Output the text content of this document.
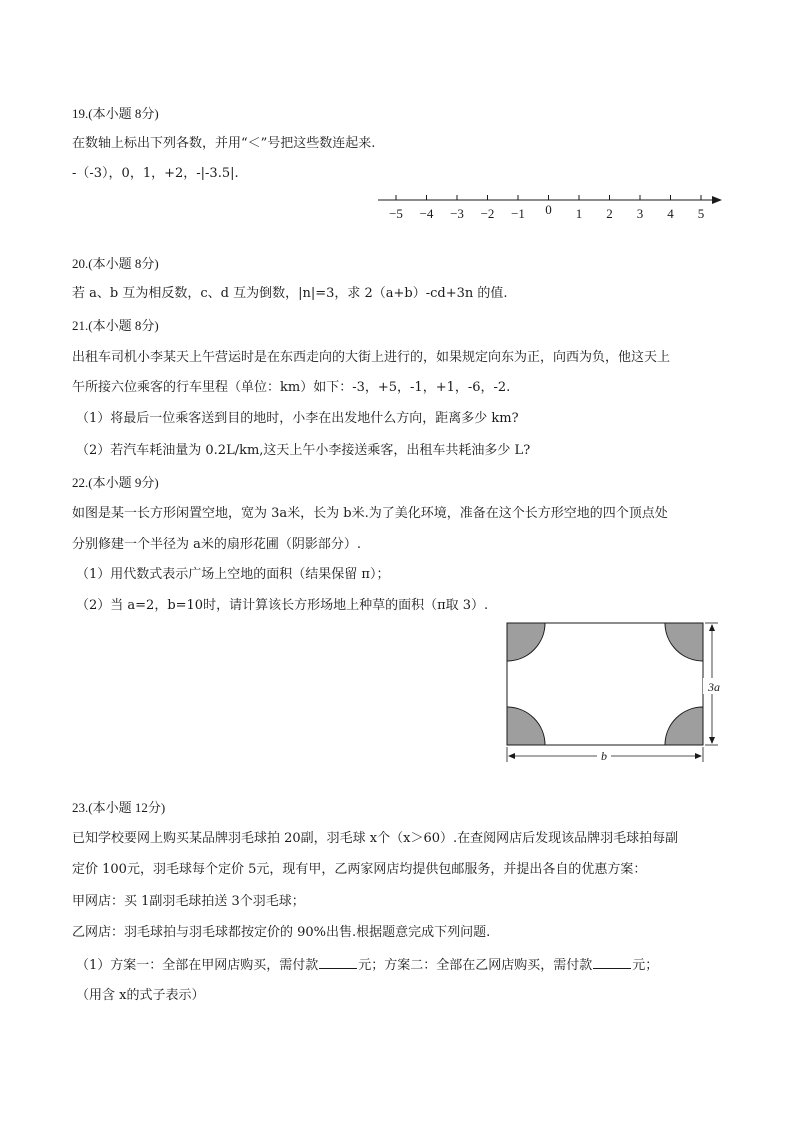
19.(本小题 8分)
在数轴上标出下列各数，并用“＜”号把这些数连起来.
-（-3），0，1，+2，-|-3.5|.
−5 −4 −3 −2 −1 0 1 2 3 4 5
20.(本小题 8分)
若 a、b 互为相反数，c、d 互为倒数，|n|=3，求 2（a+b）-cd+3n 的值.
21.(本小题 8分)
出租车司机小李某天上午营运时是在东西走向的大街上进行的，如果规定向东为正，向西为负，他这天上
午所接六位乘客的行车里程（单位：km）如下：-3，+5，-1，+1，-6，-2.
（1）将最后一位乘客送到目的地时，小李在出发地什么方向，距离多少 km?
（2）若汽车耗油量为 0.2L/km,这天上午小李接送乘客，出租车共耗油多少 L?
22.(本小题 9分)
如图是某一长方形闲置空地，宽为 3a米，长为 b米.为了美化环境，准备在这个长方形空地的四个顶点处
分别修建一个半径为 a米的扇形花圃（阴影部分）.
（1）用代数式表示广场上空地的面积（结果保留 π）；
（2）当 a=2，b=10时，请计算该长方形场地上种草的面积（π取 3）.
3a
b
23.(本小题 12分)
已知学校要网上购买某品牌羽毛球拍 20副，羽毛球 x个（x＞60）.在查阅网店后发现该品牌羽毛球拍每副
定价 100元，羽毛球每个定价 5元，现有甲，乙两家网店均提供包邮服务，并提出各自的优惠方案：
甲网店：买 1副羽毛球拍送 3个羽毛球；
乙网店：羽毛球拍与羽毛球都按定价的 90%出售.根据题意完成下列问题.
（1）方案一：全部在甲网店购买，需付款	元；方案二：全部在乙网店购买，需付款	元；
（用含 x的式子表示）
